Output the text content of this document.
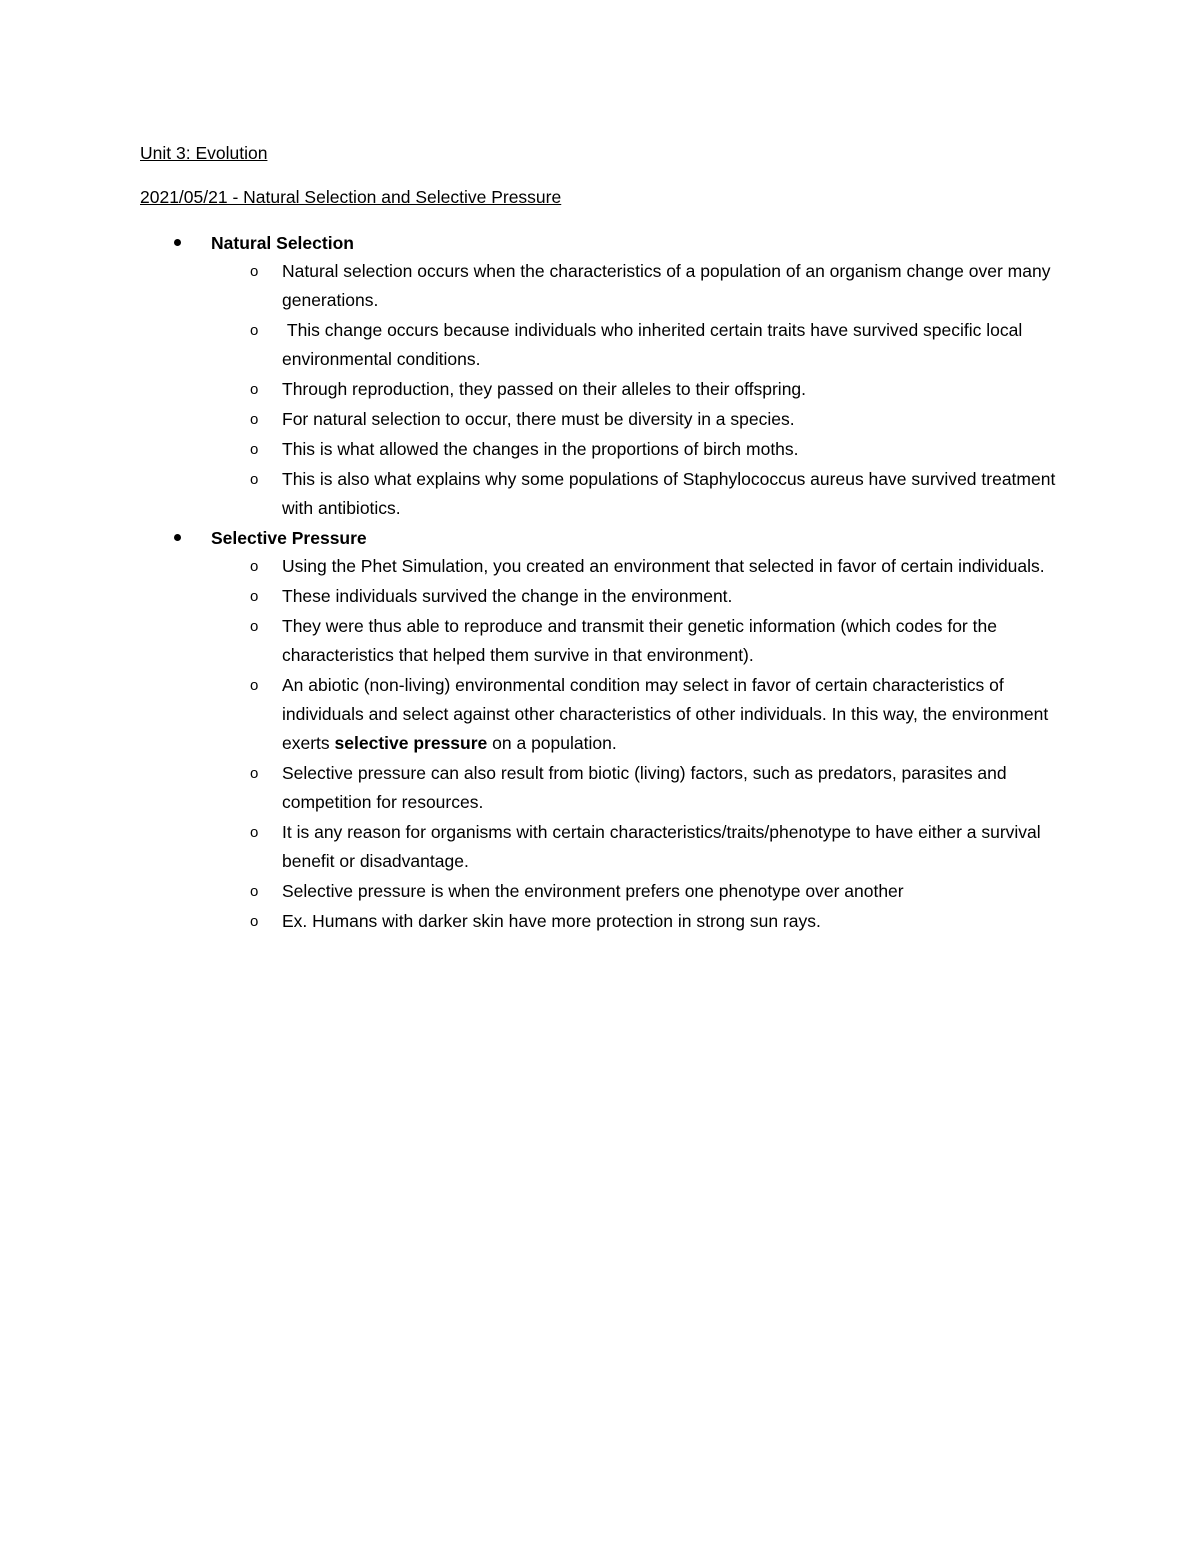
Unit 3: Evolution
2021/05/21 - Natural Selection and Selective Pressure
Natural Selection
o Natural selection occurs when the characteristics of a population of an organism change over many generations.
o This change occurs because individuals who inherited certain traits have survived specific local environmental conditions.
o Through reproduction, they passed on their alleles to their offspring.
o For natural selection to occur, there must be diversity in a species.
o This is what allowed the changes in the proportions of birch moths.
o This is also what explains why some populations of Staphylococcus aureus have survived treatment with antibiotics.
Selective Pressure
o Using the Phet Simulation, you created an environment that selected in favor of certain individuals.
o These individuals survived the change in the environment.
o They were thus able to reproduce and transmit their genetic information (which codes for the characteristics that helped them survive in that environment).
o An abiotic (non-living) environmental condition may select in favor of certain characteristics of individuals and select against other characteristics of other individuals. In this way, the environment exerts selective pressure on a population.
o Selective pressure can also result from biotic (living) factors, such as predators, parasites and competition for resources.
o It is any reason for organisms with certain characteristics/traits/phenotype to have either a survival benefit or disadvantage.
o Selective pressure is when the environment prefers one phenotype over another
o Ex. Humans with darker skin have more protection in strong sun rays.
